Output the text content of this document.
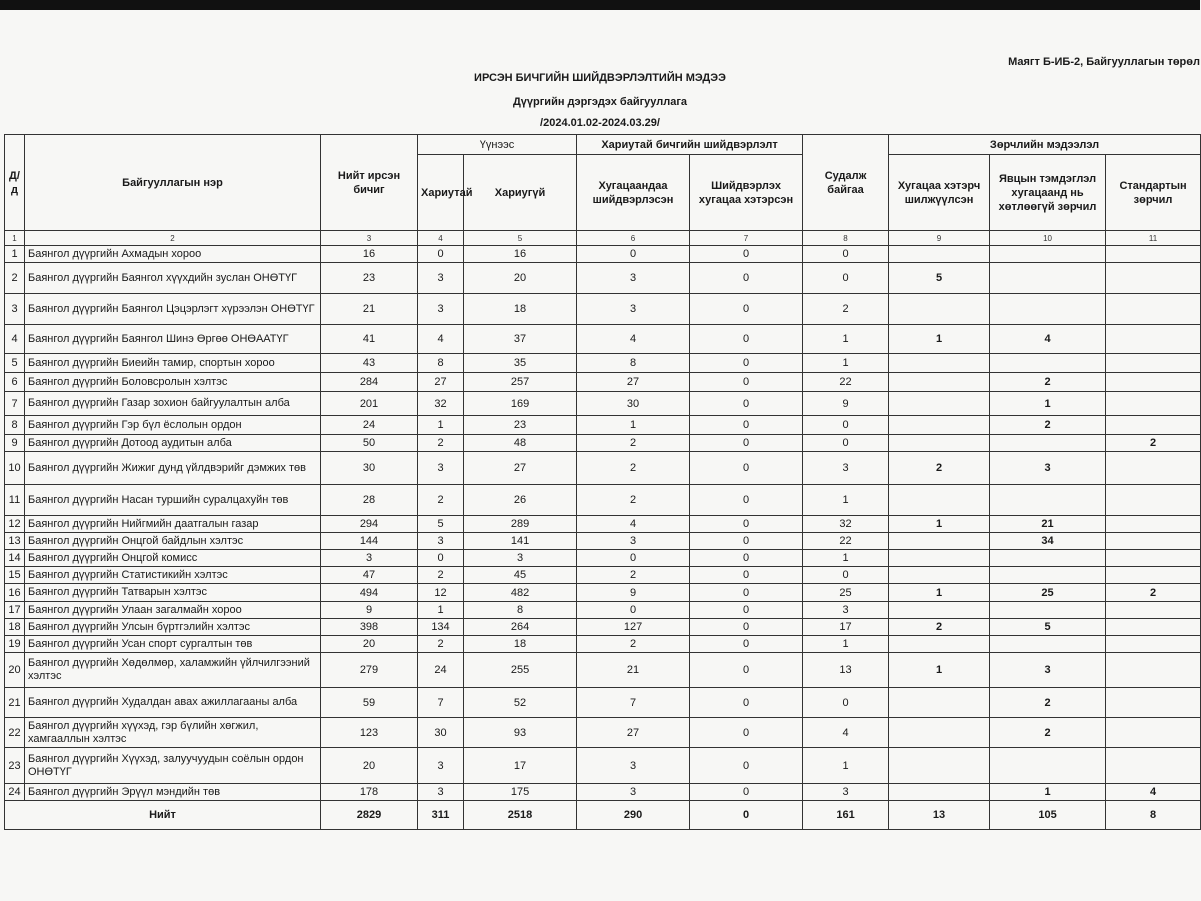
Маягт Б-ИБ-2, Байгууллагын төрөл
ИРСЭН БИЧГИЙН ШИЙДВЭРЛЭЛТИЙН МЭДЭЭ
Дүүргийн дэргэдэх байгууллага
/2024.01.02-2024.03.29/
Д/д	Байгууллагын нэр	Нийт ирсэн бичиг	Үүнээс		Хариутай бичгийн шийдвэрлэлт		Судалж байгаа	Зөрчлийн мэдээлэл		
			Хариутай	Хариугүй	Хугацаандаа шийдвэрлэсэн	Шийдвэрлэх хугацаа хэтэрсэн		Хугацаа хэтэрч шилжүүлсэн	Явцын тэмдэглэл хугацаанд нь хөтлөөгүй зөрчил	Стандартын зөрчил
1	2	3	4	5	6	7	8	9	10	11
1	Баянгол дүүргийн Ахмадын хороо	16	0	16	0	0	0			
2	Баянгол дүүргийн Баянгол хүүхдийн зуслан ОНӨТҮГ	23	3	20	3	0	0	5		
3	Баянгол дүүргийн Баянгол Цэцэрлэгт хүрээлэн ОНӨТҮГ	21	3	18	3	0	2			
4	Баянгол дүүргийн Баянгол Шинэ Өргөө ОНӨААТҮГ	41	4	37	4	0	1	1	4	
5	Баянгол дүүргийн Биеийн тамир, спортын хороо	43	8	35	8	0	1			
6	Баянгол дүүргийн Боловсролын хэлтэс	284	27	257	27	0	22		2	
7	Баянгол дүүргийн Газар зохион байгуулалтын алба	201	32	169	30	0	9		1	
8	Баянгол дүүргийн Гэр бүл ёслолын ордон	24	1	23	1	0	0		2	
9	Баянгол дүүргийн Дотоод аудитын алба	50	2	48	2	0	0			2
10	Баянгол дүүргийн Жижиг дунд үйлдвэрийг дэмжих төв	30	3	27	2	0	3	2	3	
11	Баянгол дүүргийн Насан туршийн суралцахуйн төв	28	2	26	2	0	1			
12	Баянгол дүүргийн Нийгмийн даатгалын газар	294	5	289	4	0	32	1	21	
13	Баянгол дүүргийн Онцгой байдлын хэлтэс	144	3	141	3	0	22		34	
14	Баянгол дүүргийн Онцгой комисс	3	0	3	0	0	1			
15	Баянгол дүүргийн Статистикийн хэлтэс	47	2	45	2	0	0			
16	Баянгол дүүргийн Татварын хэлтэс	494	12	482	9	0	25	1	25	2
17	Баянгол дүүргийн Улаан загалмайн хороо	9	1	8	0	0	3			
18	Баянгол дүүргийн Улсын бүртгэлийн хэлтэс	398	134	264	127	0	17	2	5	
19	Баянгол дүүргийн Усан спорт сургалтын төв	20	2	18	2	0	1			
20	Баянгол дүүргийн Хөдөлмөр, халамжийн үйлчилгээний хэлтэс	279	24	255	21	0	13	1	3	
21	Баянгол дүүргийн Худалдан авах ажиллагааны алба	59	7	52	7	0	0		2	
22	Баянгол дүүргийн хүүхэд, гэр бүлийн хөгжил, хамгааллын хэлтэс	123	30	93	27	0	4		2	
23	Баянгол дүүргийн Хүүхэд, залуучуудын соёлын ордон ОНӨТҮГ	20	3	17	3	0	1			
24	Баянгол дүүргийн Эрүүл мэндийн төв	178	3	175	3	0	3		1	4
Нийт		2829	311	2518	290	0	161	13	105	8
